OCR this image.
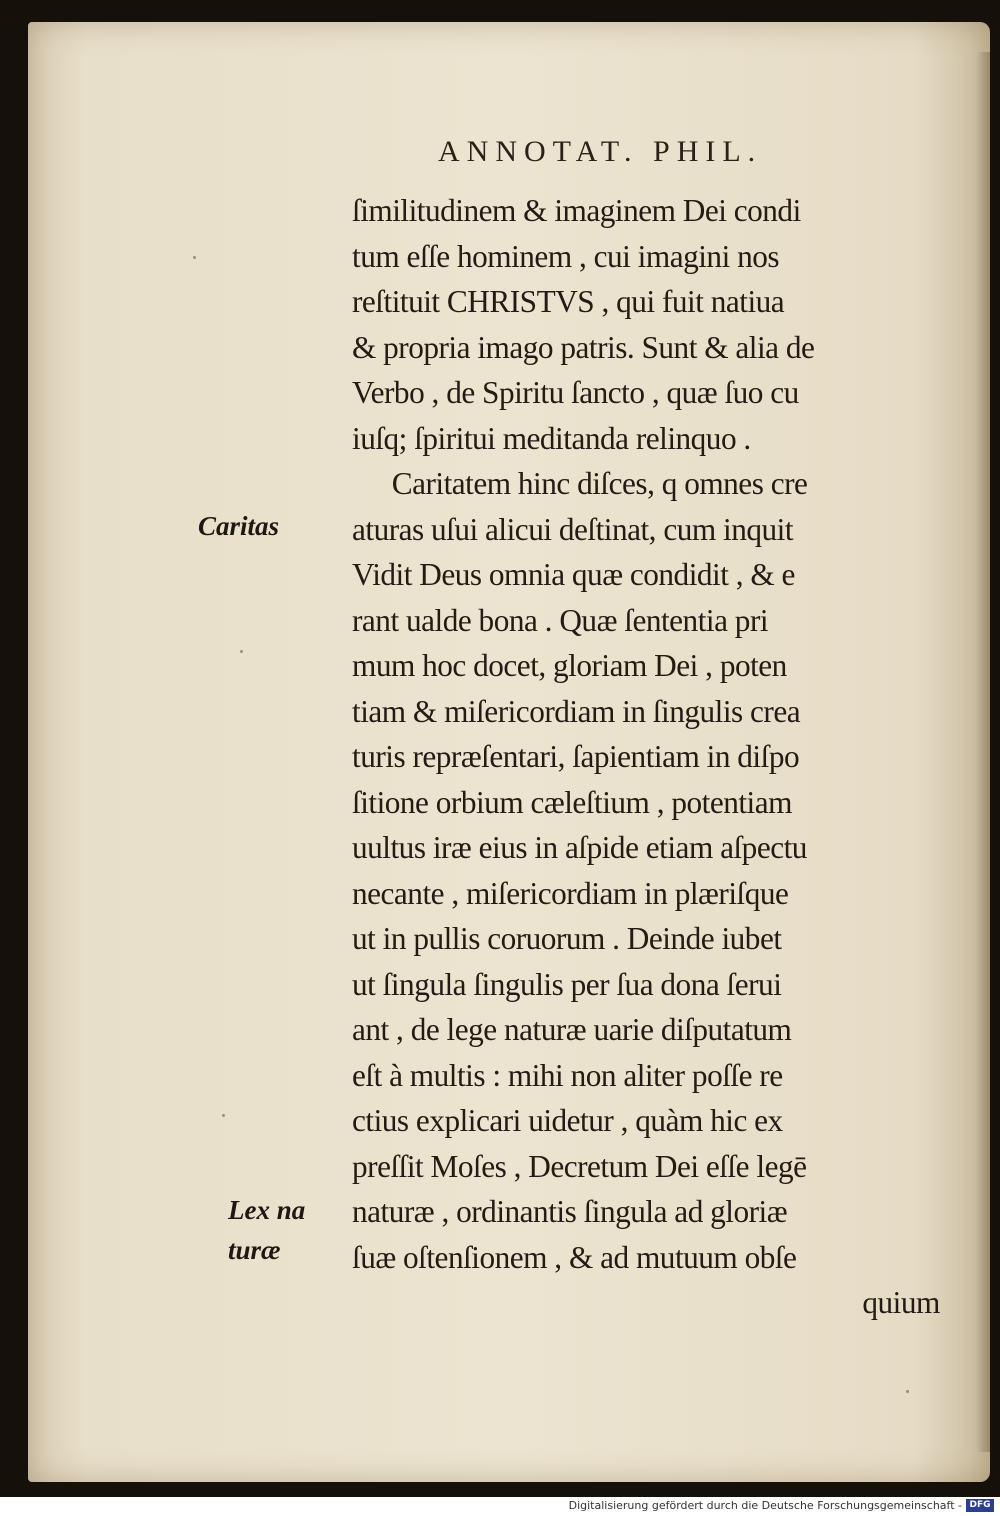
ANNOTAT. PHIL.
Caritas
Lex na
turæ
ſimilitudinem & imaginem Dei condi
tum eſſe hominem , cui imagini nos
reſtituit CHRISTVS , qui fuit natiua
& propria imago patris. Sunt & alia de
Verbo , de Spiritu ſancto , quæ ſuo cu
iuſq; ſpiritui meditanda relinquo .
Caritatem hinc diſces, q omnes cre
aturas uſui alicui deſtinat, cum inquit
Vidit Deus omnia quæ condidit , & e
rant ualde bona . Quæ ſententia pri
mum hoc docet, gloriam Dei , poten
tiam & miſericordiam in ſingulis crea
turis repræſentari, ſapientiam in diſpo
ſitione orbium cæleſtium , potentiam
uultus iræ eius in aſpide etiam aſpectu
necante , miſericordiam in plæriſque
ut in pullis coruorum . Deinde iubet
ut ſingula ſingulis per ſua dona ſerui
ant , de lege naturæ uarie diſputatum
eſt à multis : mihi non aliter poſſe re
ctius explicari uidetur , quàm hic ex
preſſit Moſes , Decretum Dei eſſe legē
naturæ , ordinantis ſingula ad gloriæ
ſuæ oſtenſionem , & ad mutuum obſe
quium
Digitalisierung gefördert durch die Deutsche Forschungsgemeinschaft - DFG
